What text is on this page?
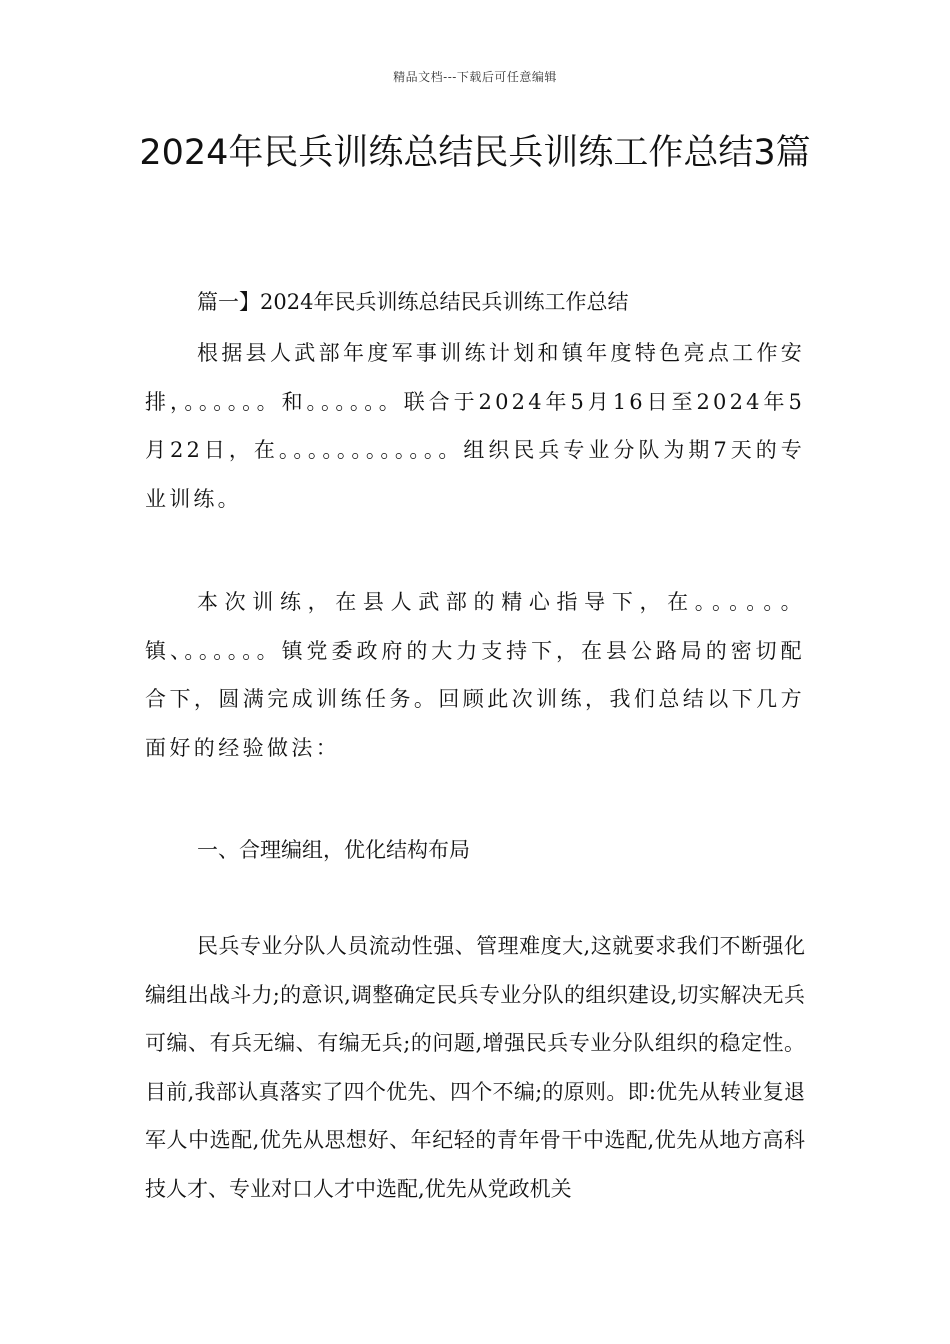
精品文档---下载后可任意编辑
2024年民兵训练总结民兵训练工作总结3篇

篇一】2024年民兵训练总结民兵训练工作总结

根据县人武部年度军事训练计划和镇年度特色亮点工作安排，。。。。。。和。。。。。。联合于2024年5月16日至2024年5月22日，在。。。。。。。。。。。。组织民兵专业分队为期7天的专业训练。

本次训练，在县人武部的精心指导下，在。。。。。。镇、。。。。。。镇党委政府的大力支持下，在县公路局的密切配合下，圆满完成训练任务。回顾此次训练，我们总结以下几方面好的经验做法：

一、合理编组，优化结构布局

民兵专业分队人员流动性强、管理难度大,这就要求我们不断强化编组出战斗力;的意识,调整确定民兵专业分队的组织建设,切实解决无兵可编、有兵无编、有编无兵;的问题,增强民兵专业分队组织的稳定性。目前,我部认真落实了四个优先、四个不编;的原则。即:优先从转业复退军人中选配,优先从思想好、年纪轻的青年骨干中选配,优先从地方高科技人才、专业对口人才中选配,优先从党政机关
